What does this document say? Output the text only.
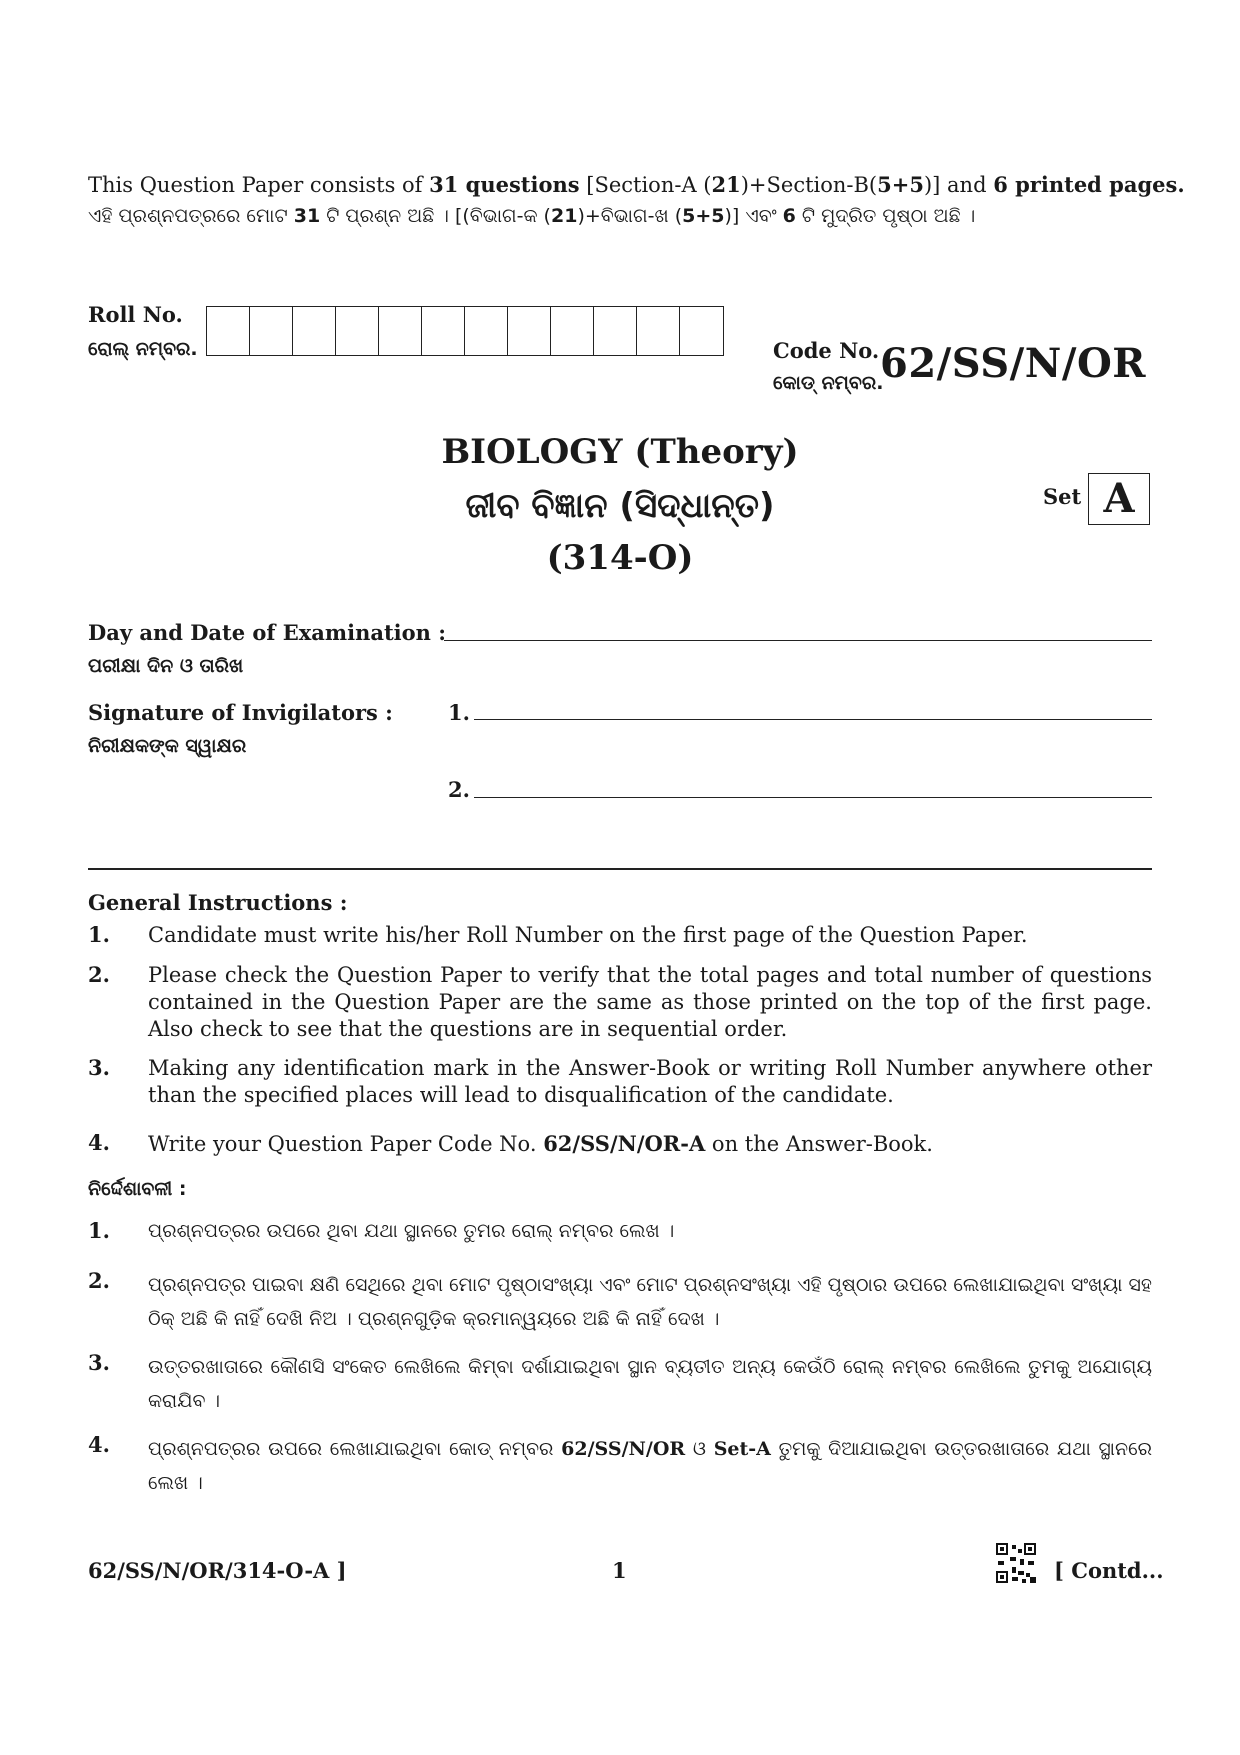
This Question Paper consists of 31 questions [Section-A (21)+Section-B(5+5)] and 6 printed pages.
ଏହି ପ୍ରଶ୍ନପତ୍ରରେ ମୋଟ 31 ଟି ପ୍ରଶ୍ନ ଅଛି । [(ବିଭାଗ-କ (21)+ବିଭାଗ-ଖ (5+5)] ଏବଂ 6 ଟି ମୁଦ୍ରିତ ପୃଷ୍ଠା ଅଛି ।
Roll No.
ରୋଲ୍ ନମ୍ବର.	Code No.
କୋଡ୍ ନମ୍ବର.
62/SS/N/OR
BIOLOGY (Theory)
ଜୀବ ବିଜ୍ଞାନ (ସିଦ୍ଧାନ୍ତ)
(314-O)
Set A
Day and Date of Examination :
ପରୀକ୍ଷା ଦିନ ଓ ତାରିଖ
Signature of Invigilators :
ନିରୀକ୍ଷକଙ୍କ ସ୍ୱାକ୍ଷର
1.
2.
General Instructions :
1.	Candidate must write his/her Roll Number on the first page of the Question Paper.
2.	Please check the Question Paper to verify that the total pages and total number of questions contained in the Question Paper are the same as those printed on the top of the first page. Also check to see that the questions are in sequential order.
3.	Making any identification mark in the Answer-Book or writing Roll Number anywhere other than the specified places will lead to disqualification of the candidate.
4.	Write your Question Paper Code No. 62/SS/N/OR-A on the Answer-Book.
ନିର୍ଦ୍ଦେଶାବଳୀ :
1.	ପ୍ରଶ୍ନପତ୍ରର ଉପରେ ଥିବା ଯଥା ସ୍ଥାନରେ ତୁମର ରୋଲ୍ ନମ୍ବର ଲେଖ ।
2.	ପ୍ରଶ୍ନପତ୍ର ପାଇବା କ୍ଷଣି ସେଥିରେ ଥିବା ମୋଟ ପୃଷ୍ଠାସଂଖ୍ୟା ଏବଂ ମୋଟ ପ୍ରଶ୍ନସଂଖ୍ୟା ଏହି ପୃଷ୍ଠାର ଉପରେ ଲେଖାଯାଇଥିବା ସଂଖ୍ୟା ସହ ଠିକ୍ ଅଛି କି ନାହିଁ ଦେଖି ନିଅ । ପ୍ରଶ୍ନଗୁଡ଼ିକ କ୍ରମାନ୍ୱୟରେ ଅଛି କି ନାହିଁ ଦେଖ ।
3.	ଉତ୍ତରଖାତାରେ କୌଣସି ସଂକେତ ଲେଖିଲେ କିମ୍ବା ଦର୍ଶାଯାଇଥିବା ସ୍ଥାନ ବ୍ୟତୀତ ଅନ୍ୟ କେଉଁଠି ରୋଲ୍ ନମ୍ବର ଲେଖିଲେ ତୁମକୁ ଅଯୋଗ୍ୟ କରାଯିବ ।
4.	ପ୍ରଶ୍ନପତ୍ରର ଉପରେ ଲେଖାଯାଇଥିବା କୋଡ୍ ନମ୍ବର 62/SS/N/OR ଓ Set-A ତୁମକୁ ଦିଆଯାଇଥିବା ଉତ୍ତରଖାତାରେ ଯଥା ସ୍ଥାନରେ ଲେଖ ।
62/SS/N/OR/314-O-A ]	1	[ Contd...
